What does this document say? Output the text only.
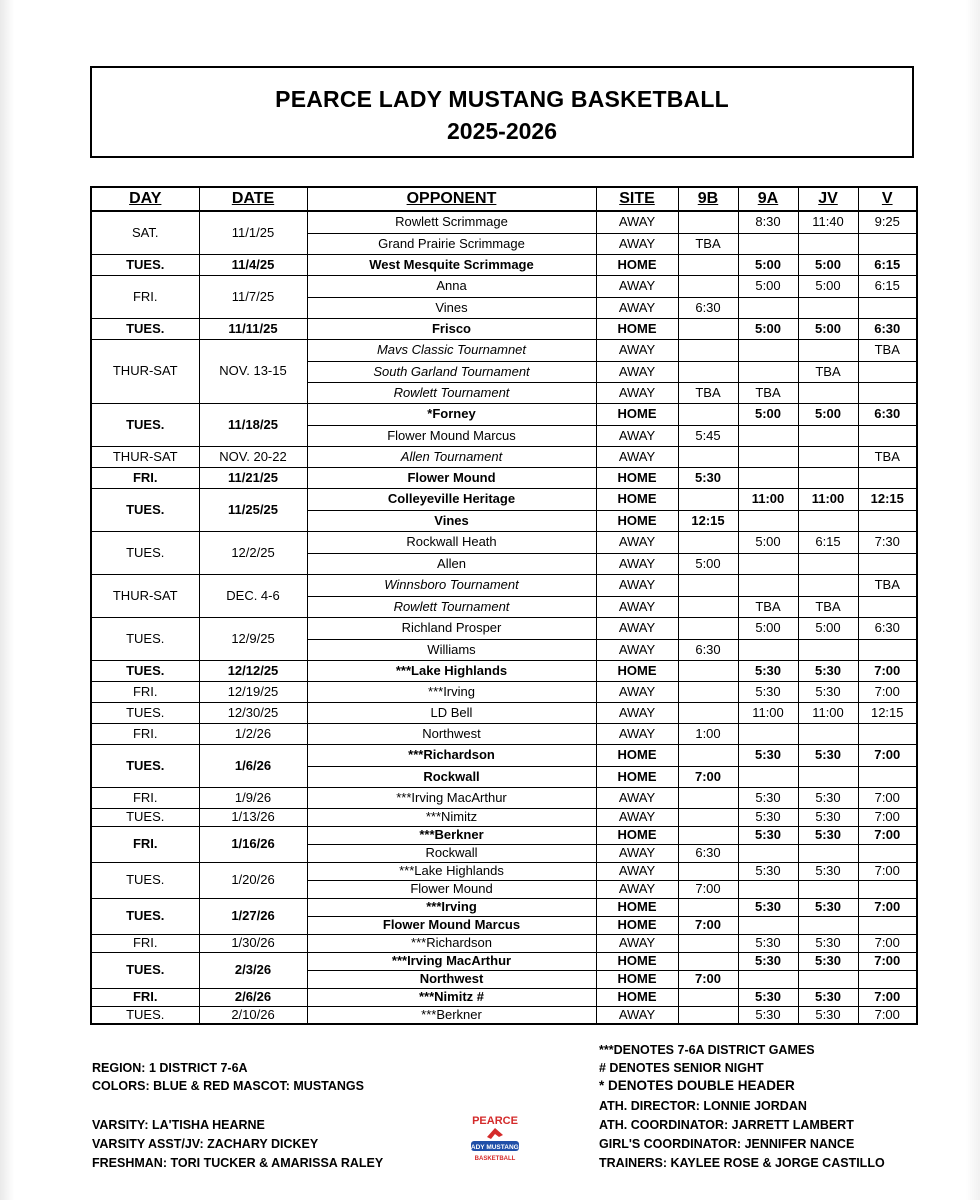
PEARCE LADY MUSTANG BASKETBALL
2025-2026
DAY	DATE	OPPONENT	SITE	9B	9A	JV	V
SAT.	11/1/25	Rowlett Scrimmage	AWAY		8:30	11:40	9:25
		Grand Prairie Scrimmage	AWAY	TBA			
TUES.	11/4/25	West Mesquite Scrimmage	HOME		5:00	5:00	6:15
FRI.	11/7/25	Anna	AWAY		5:00	5:00	6:15
		Vines	AWAY	6:30			
TUES.	11/11/25	Frisco	HOME		5:00	5:00	6:30
THUR-SAT	NOV. 13-15	Mavs Classic Tournamnet	AWAY				TBA
		South Garland Tournament	AWAY			TBA	
		Rowlett Tournament	AWAY	TBA	TBA		
TUES.	11/18/25	*Forney	HOME		5:00	5:00	6:30
		Flower Mound Marcus	AWAY	5:45			
THUR-SAT	NOV. 20-22	Allen Tournament	AWAY				TBA
FRI.	11/21/25	Flower Mound	HOME	5:30			
TUES.	11/25/25	Colleyeville Heritage	HOME		11:00	11:00	12:15
		Vines	HOME	12:15			
TUES.	12/2/25	Rockwall Heath	AWAY		5:00	6:15	7:30
		Allen	AWAY	5:00			
THUR-SAT	DEC. 4-6	Winnsboro Tournament	AWAY				TBA
		Rowlett Tournament	AWAY		TBA	TBA	
TUES.	12/9/25	Richland Prosper	AWAY		5:00	5:00	6:30
		Williams	AWAY	6:30			
TUES.	12/12/25	***Lake Highlands	HOME		5:30	5:30	7:00
FRI.	12/19/25	***Irving	AWAY		5:30	5:30	7:00
TUES.	12/30/25	LD Bell	AWAY		11:00	11:00	12:15
FRI.	1/2/26	Northwest	AWAY	1:00			
TUES.	1/6/26	***Richardson	HOME		5:30	5:30	7:00
		Rockwall	HOME	7:00			
FRI.	1/9/26	***Irving MacArthur	AWAY		5:30	5:30	7:00
TUES.	1/13/26	***Nimitz	AWAY		5:30	5:30	7:00
FRI.	1/16/26	***Berkner	HOME		5:30	5:30	7:00
		Rockwall	AWAY	6:30			
TUES.	1/20/26	***Lake Highlands	AWAY		5:30	5:30	7:00
		Flower Mound	AWAY	7:00			
TUES.	1/27/26	***Irving	HOME		5:30	5:30	7:00
		Flower Mound Marcus	HOME	7:00			
FRI.	1/30/26	***Richardson	AWAY		5:30	5:30	7:00
TUES.	2/3/26	***Irving MacArthur	HOME		5:30	5:30	7:00
		Northwest	HOME	7:00			
FRI.	2/6/26	***Nimitz #	HOME		5:30	5:30	7:00
TUES.	2/10/26	***Berkner	AWAY		5:30	5:30	7:00
***DENOTES 7-6A DISTRICT GAMES
# DENOTES SENIOR NIGHT
* DENOTES DOUBLE HEADER
REGION: 1 DISTRICT 7-6A
COLORS: BLUE & RED MASCOT: MUSTANGS
VARSITY: LA'TISHA HEARNE
VARSITY ASST/JV: ZACHARY DICKEY
FRESHMAN: TORI TUCKER & AMARISSA RALEY
ATH. DIRECTOR: LONNIE JORDAN
ATH. COORDINATOR: JARRETT LAMBERT
GIRL'S COORDINATOR: JENNIFER NANCE
TRAINERS: KAYLEE ROSE & JORGE CASTILLO
PEARCE
LADY MUSTANGS
BASKETBALL
